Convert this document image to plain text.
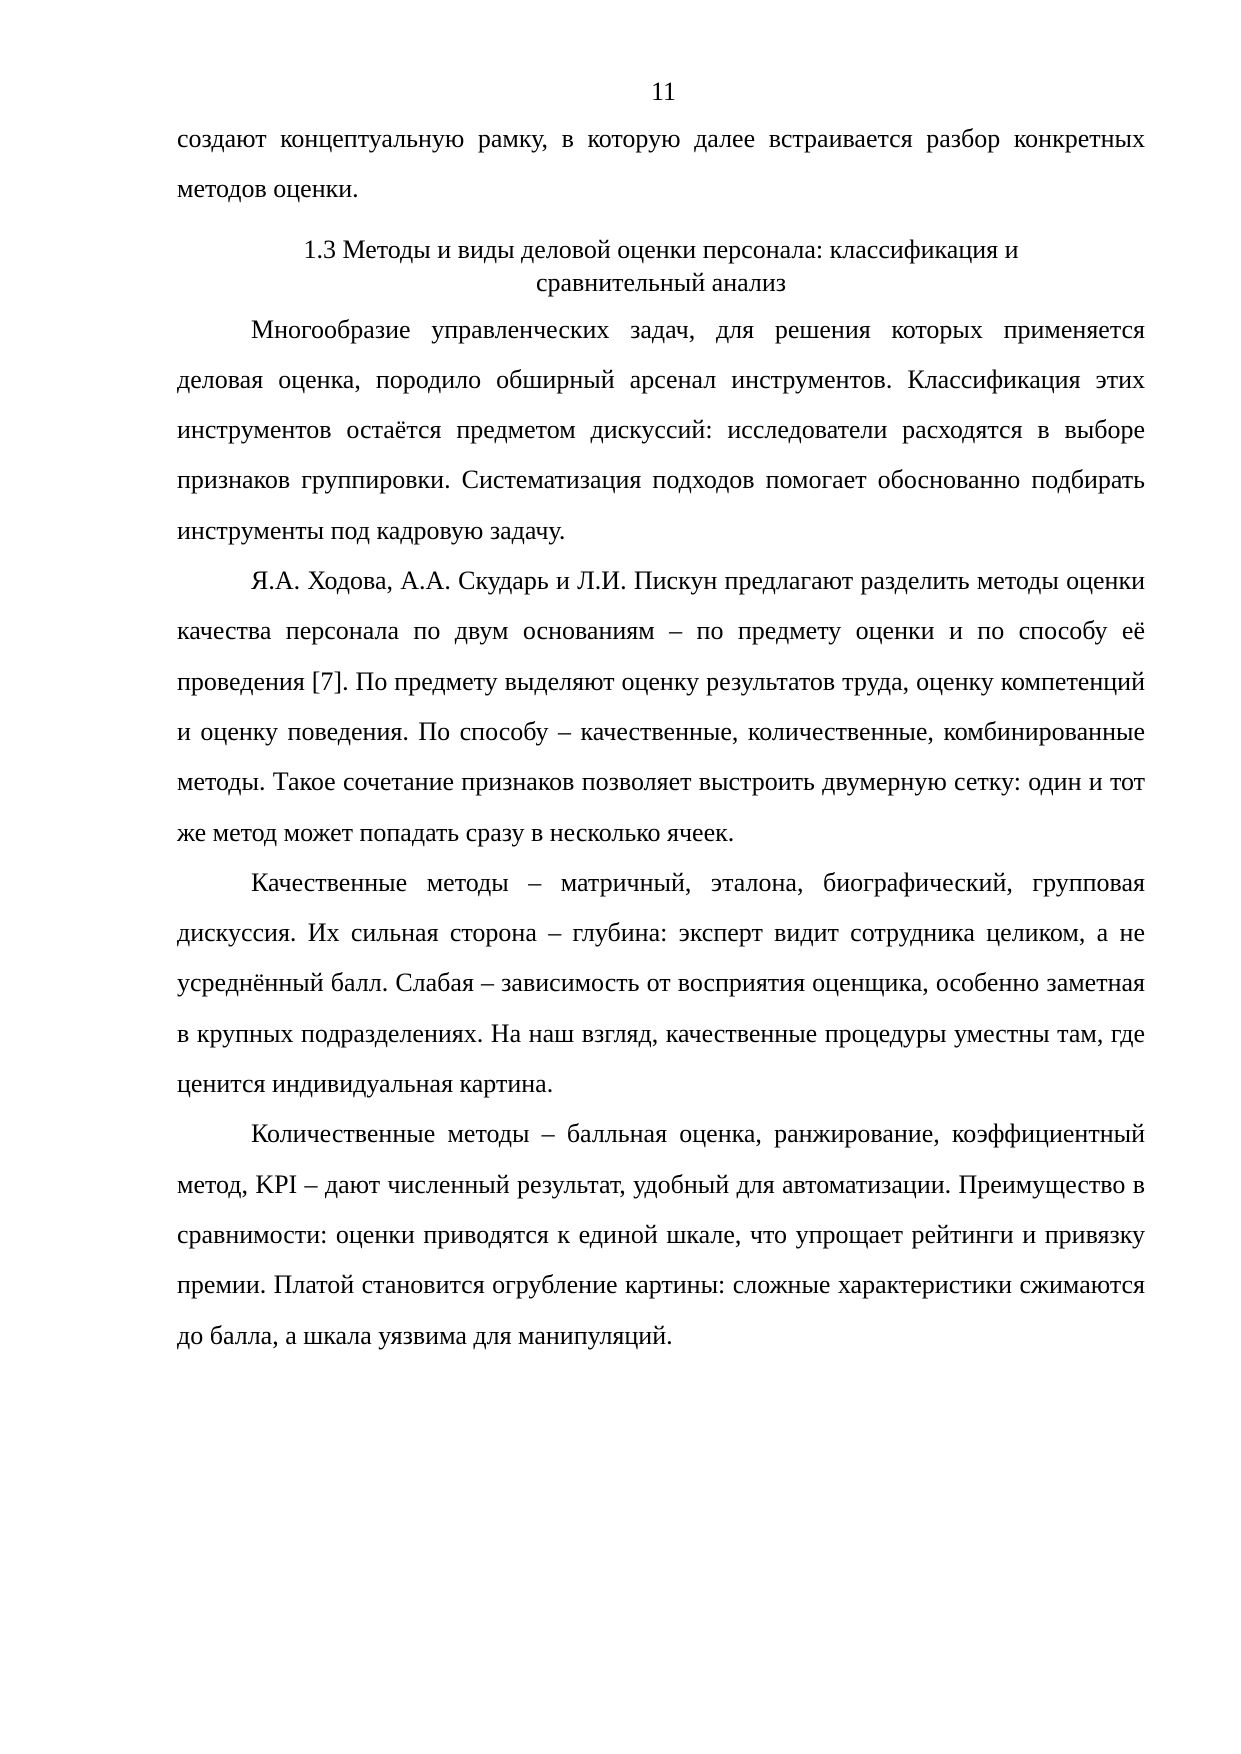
11

создают концептуальную рамку, в которую далее встраивается разбор конкретных методов оценки.

1.3 Методы и виды деловой оценки персонала: классификация и
сравнительный анализ

Многообразие управленческих задач, для решения которых применяется деловая оценка, породило обширный арсенал инструментов. Классификация этих инструментов остаётся предметом дискуссий: исследователи расходятся в выборе признаков группировки. Систематизация подходов помогает обоснованно подбирать инструменты под кадровую задачу.

Я.А. Ходова, А.А. Скударь и Л.И. Пискун предлагают разделить методы оценки качества персонала по двум основаниям – по предмету оценки и по способу её проведения [7]. По предмету выделяют оценку результатов труда, оценку компетенций и оценку поведения. По способу – качественные, количественные, комбинированные методы. Такое сочетание признаков позволяет выстроить двумерную сетку: один и тот же метод может попадать сразу в несколько ячеек.

Качественные методы – матричный, эталона, биографический, групповая дискуссия. Их сильная сторона – глубина: эксперт видит сотрудника целиком, а не усреднённый балл. Слабая – зависимость от восприятия оценщика, особенно заметная в крупных подразделениях. На наш взгляд, качественные процедуры уместны там, где ценится индивидуальная картина.

Количественные методы – балльная оценка, ранжирование, коэффициентный метод, KPI – дают численный результат, удобный для автоматизации. Преимущество в сравнимости: оценки приводятся к единой шкале, что упрощает рейтинги и привязку премии. Платой становится огрубление картины: сложные характеристики сжимаются до балла, а шкала уязвима для манипуляций.
